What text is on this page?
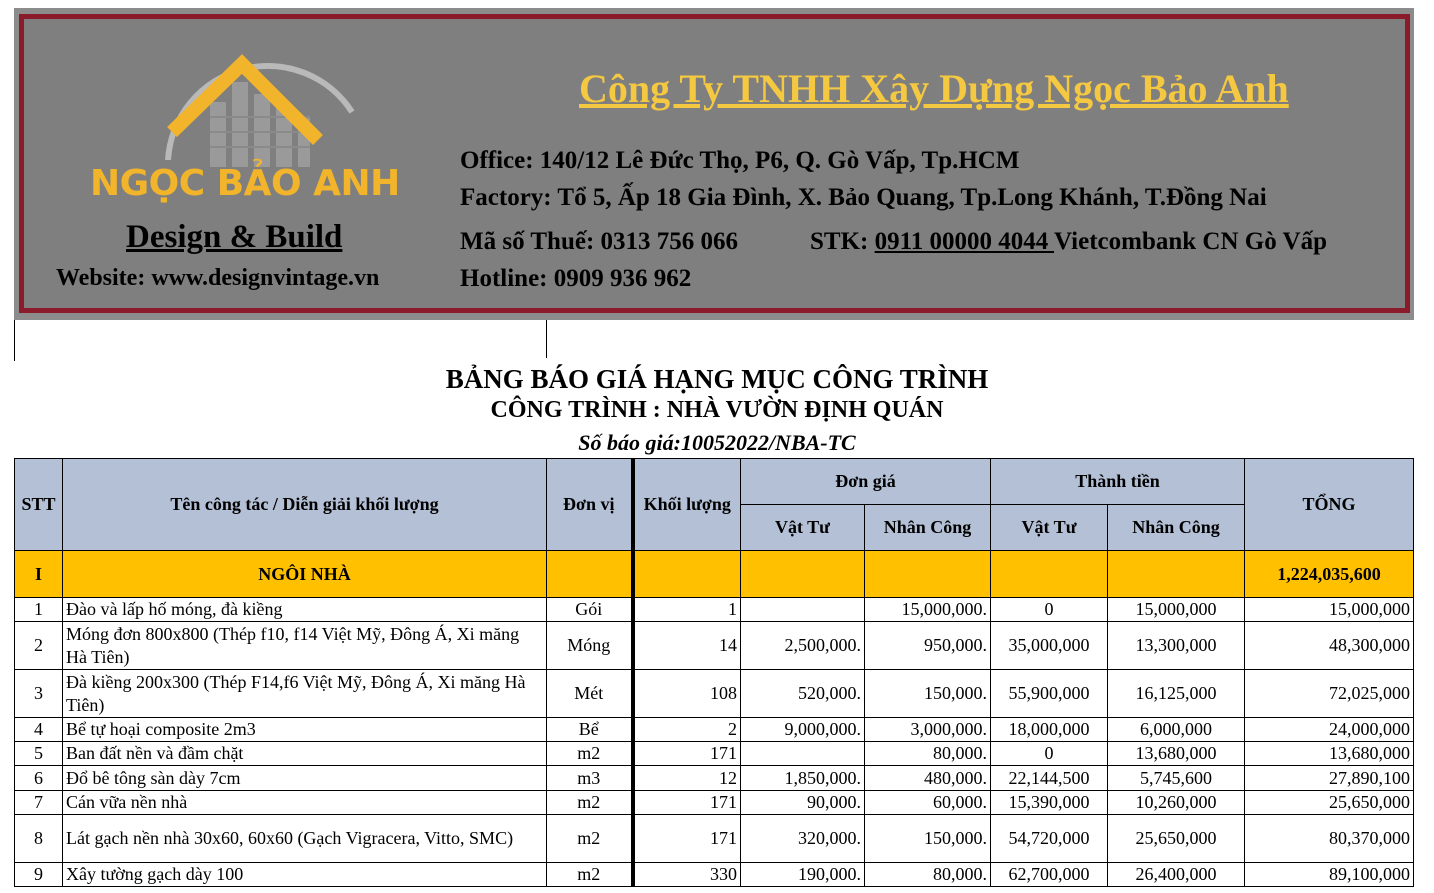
NGỌC BẢO ANH
Design & Build
Website: www.designvintage.vn
Công Ty TNHH Xây Dựng Ngọc Bảo Anh
Office: 140/12 Lê Đức Thọ, P6, Q. Gò Vấp, Tp.HCM
Factory: Tổ 5, Ấp 18 Gia Đình, X. Bảo Quang, Tp.Long Khánh, T.Đồng Nai
Mã số Thuế: 0313 756 066	STK: 0911 00000 4044 Vietcombank CN Gò Vấp
Hotline: 0909 936 962
BẢNG BÁO GIÁ HẠNG MỤC CÔNG TRÌNH
CÔNG TRÌNH : NHÀ VƯỜN ĐỊNH QUÁN
Số báo giá:10052022/NBA-TC
STT	Tên công tác / Diễn giải khối lượng	Đơn vị	Khối lượng	Đơn giá		Thành tiền		TỔNG
				Vật Tư	Nhân Công	Vật Tư	Nhân Công	
I	NGÔI NHÀ							1,224,035,600
1	Đào và lấp hố móng, đà kiềng	Gói	1		15,000,000.	0	15,000,000	15,000,000
2	Móng đơn 800x800 (Thép f10, f14 Việt Mỹ, Đông Á, Xi măng Hà Tiên)	Móng	14	2,500,000.	950,000.	35,000,000	13,300,000	48,300,000
3	Đà kiềng 200x300 (Thép F14,f6 Việt Mỹ, Đông Á, Xi măng Hà Tiên)	Mét	108	520,000.	150,000.	55,900,000	16,125,000	72,025,000
4	Bể tự hoại composite 2m3	Bể	2	9,000,000.	3,000,000.	18,000,000	6,000,000	24,000,000
5	Ban đất nền và đầm chặt	m2	171		80,000.	0	13,680,000	13,680,000
6	Đổ bê tông sàn dày 7cm	m3	12	1,850,000.	480,000.	22,144,500	5,745,600	27,890,100
7	Cán vữa nền nhà	m2	171	90,000.	60,000.	15,390,000	10,260,000	25,650,000
8	Lát gạch nền nhà 30x60, 60x60 (Gạch Vigracera, Vitto, SMC)	m2	171	320,000.	150,000.	54,720,000	25,650,000	80,370,000
9	Xây tường gạch dày 100	m2	330	190,000.	80,000.	62,700,000	26,400,000	89,100,000
